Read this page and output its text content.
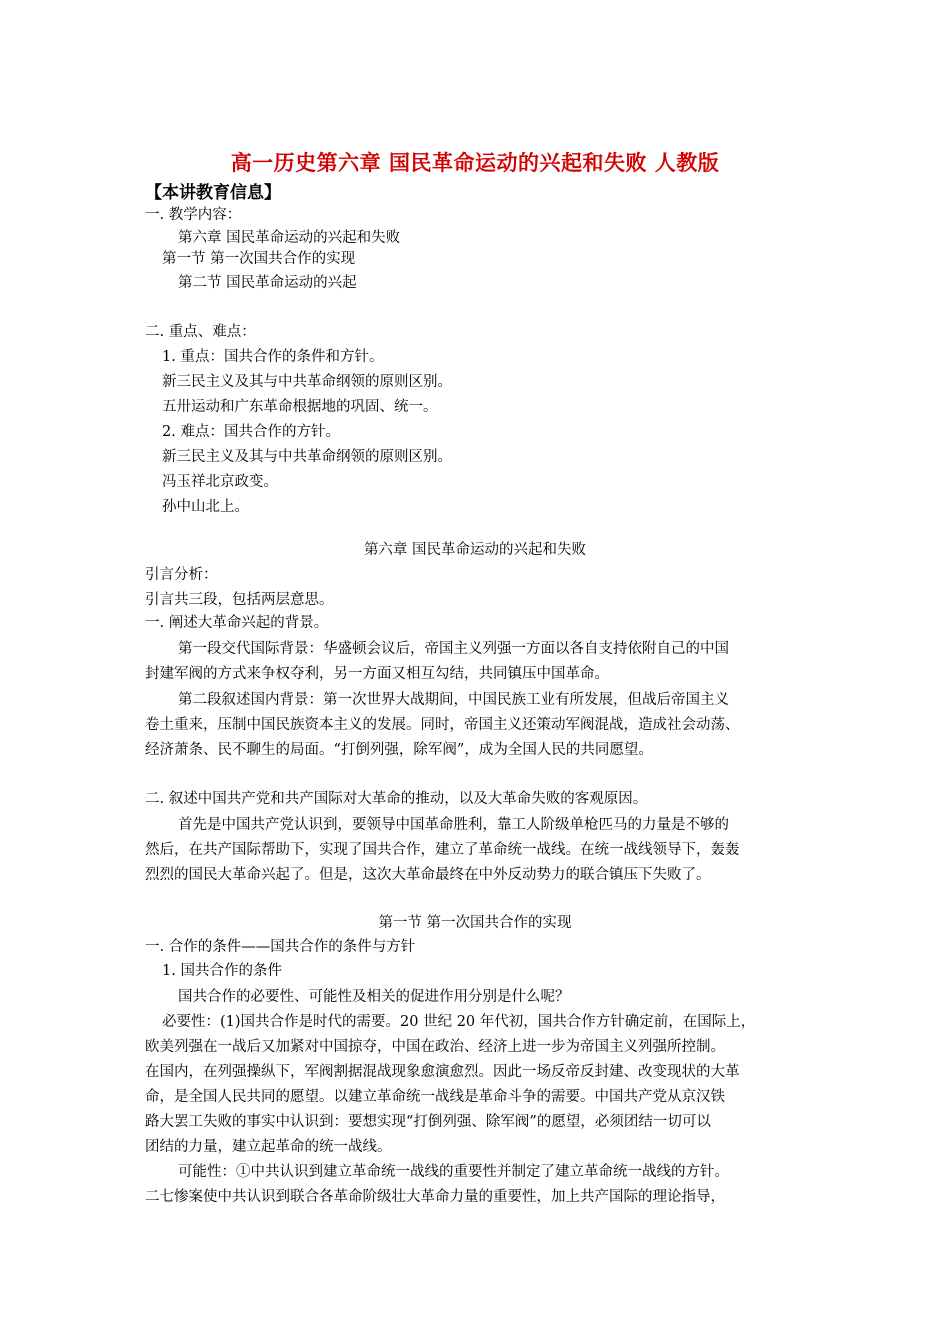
高一历史第六章 国民革命运动的兴起和失败 人教版
【本讲教育信息】
一. 教学内容：
第六章 国民革命运动的兴起和失败
第一节 第一次国共合作的实现
第二节 国民革命运动的兴起
二. 重点、难点：
1. 重点：国共合作的条件和方针。
新三民主义及其与中共革命纲领的原则区别。
五卅运动和广东革命根据地的巩固、统一。
2. 难点：国共合作的方针。
新三民主义及其与中共革命纲领的原则区别。
冯玉祥北京政变。
孙中山北上。
第六章 国民革命运动的兴起和失败
引言分析：
引言共三段，包括两层意思。
一. 阐述大革命兴起的背景。
第一段交代国际背景：华盛顿会议后，帝国主义列强一方面以各自支持依附自己的中国
封建军阀的方式来争权夺利，另一方面又相互勾结，共同镇压中国革命。
第二段叙述国内背景：第一次世界大战期间，中国民族工业有所发展，但战后帝国主义
卷土重来，压制中国民族资本主义的发展。同时，帝国主义还策动军阀混战，造成社会动荡、
经济萧条、民不聊生的局面。“打倒列强，除军阀”，成为全国人民的共同愿望。
二. 叙述中国共产党和共产国际对大革命的推动，以及大革命失败的客观原因。
首先是中国共产党认识到，要领导中国革命胜利，靠工人阶级单枪匹马的力量是不够的
然后，在共产国际帮助下，实现了国共合作，建立了革命统一战线。在统一战线领导下，轰轰
烈烈的国民大革命兴起了。但是，这次大革命最终在中外反动势力的联合镇压下失败了。
第一节 第一次国共合作的实现
一. 合作的条件——国共合作的条件与方针
1. 国共合作的条件
国共合作的必要性、可能性及相关的促进作用分别是什么呢？
必要性：(1)国共合作是时代的需要。20 世纪 20 年代初，国共合作方针确定前，在国际上，
欧美列强在一战后又加紧对中国掠夺，中国在政治、经济上进一步为帝国主义列强所控制。
在国内，在列强操纵下，军阀割据混战现象愈演愈烈。因此一场反帝反封建、改变现状的大革
命，是全国人民共同的愿望。以建立革命统一战线是革命斗争的需要。中国共产党从京汉铁
路大罢工失败的事实中认识到：要想实现“打倒列强、除军阀”的愿望，必须团结一切可以
团结的力量，建立起革命的统一战线。
可能性：①中共认识到建立革命统一战线的重要性并制定了建立革命统一战线的方针。
二七惨案使中共认识到联合各革命阶级壮大革命力量的重要性，加上共产国际的理论指导，
